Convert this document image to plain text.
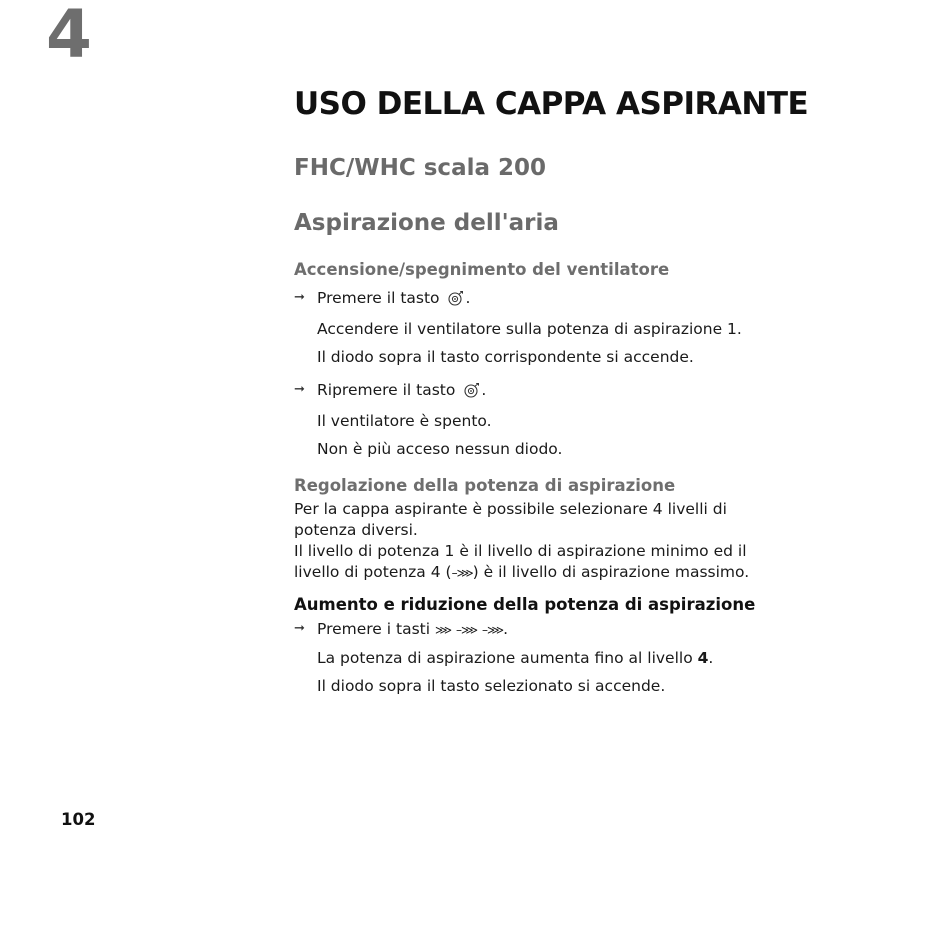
4
USO DELLA CAPPA ASPIRANTE
FHC/WHC scala 200
Aspirazione dell'aria
Accensione/spegnimento del ventilatore
➞ Premere il tasto .
Accendere il ventilatore sulla potenza di aspirazione 1.
Il diodo sopra il tasto corrispondente si accende.
➞ Ripremere il tasto .
Il ventilatore è spento.
Non è più acceso nessun diodo.
Regolazione della potenza di aspirazione

Per la cappa aspirante è possibile selezionare 4 livelli di potenza diversi.

Il livello di potenza 1 è il livello di aspirazione minimo ed il livello di potenza 4 (–⋙) è il livello di aspirazione massimo.

Aumento e riduzione della potenza di aspirazione
➞ Premere i tasti ⋙ –⋙ –⋙.
La potenza di aspirazione aumenta fino al livello 4.
Il diodo sopra il tasto selezionato si accende.
102
